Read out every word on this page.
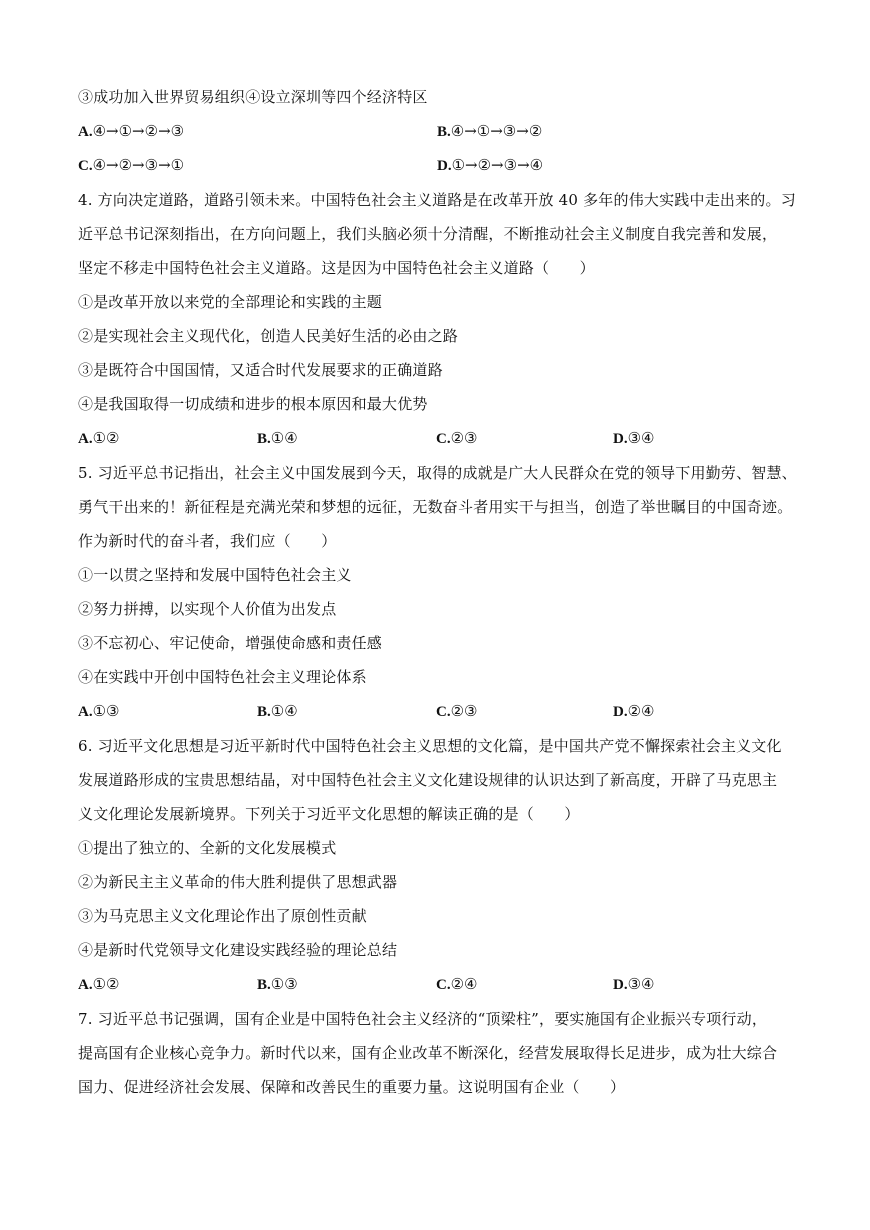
③成功加入世界贸易组织④设立深圳等四个经济特区
A.④→①→②→③	B.④→①→③→②
C.④→②→③→①	D.①→②→③→④
4. 方向决定道路，道路引领未来。中国特色社会主义道路是在改革开放 40 多年的伟大实践中走出来的。习
近平总书记深刻指出，在方向问题上，我们头脑必须十分清醒，不断推动社会主义制度自我完善和发展，
坚定不移走中国特色社会主义道路。这是因为中国特色社会主义道路（　　）
①是改革开放以来党的全部理论和实践的主题
②是实现社会主义现代化，创造人民美好生活的必由之路
③是既符合中国国情，又适合时代发展要求的正确道路
④是我国取得一切成绩和进步的根本原因和最大优势
A.①②	B.①④	C.②③	D.③④
5. 习近平总书记指出，社会主义中国发展到今天，取得的成就是广大人民群众在党的领导下用勤劳、智慧、
勇气干出来的！新征程是充满光荣和梦想的远征，无数奋斗者用实干与担当，创造了举世瞩目的中国奇迹。
作为新时代的奋斗者，我们应（　　）
①一以贯之坚持和发展中国特色社会主义
②努力拼搏，以实现个人价值为出发点
③不忘初心、牢记使命，增强使命感和责任感
④在实践中开创中国特色社会主义理论体系
A.①③	B.①④	C.②③	D.②④
6. 习近平文化思想是习近平新时代中国特色社会主义思想的文化篇，是中国共产党不懈探索社会主义文化
发展道路形成的宝贵思想结晶，对中国特色社会主义文化建设规律的认识达到了新高度，开辟了马克思主
义文化理论发展新境界。下列关于习近平文化思想的解读正确的是（　　）
①提出了独立的、全新的文化发展模式
②为新民主主义革命的伟大胜利提供了思想武器
③为马克思主义文化理论作出了原创性贡献
④是新时代党领导文化建设实践经验的理论总结
A.①②	B.①③	C.②④	D.③④
7. 习近平总书记强调，国有企业是中国特色社会主义经济的“顶梁柱”，要实施国有企业振兴专项行动，
提高国有企业核心竞争力。新时代以来，国有企业改革不断深化，经营发展取得长足进步，成为壮大综合
国力、促进经济社会发展、保障和改善民生的重要力量。这说明国有企业（　　）
